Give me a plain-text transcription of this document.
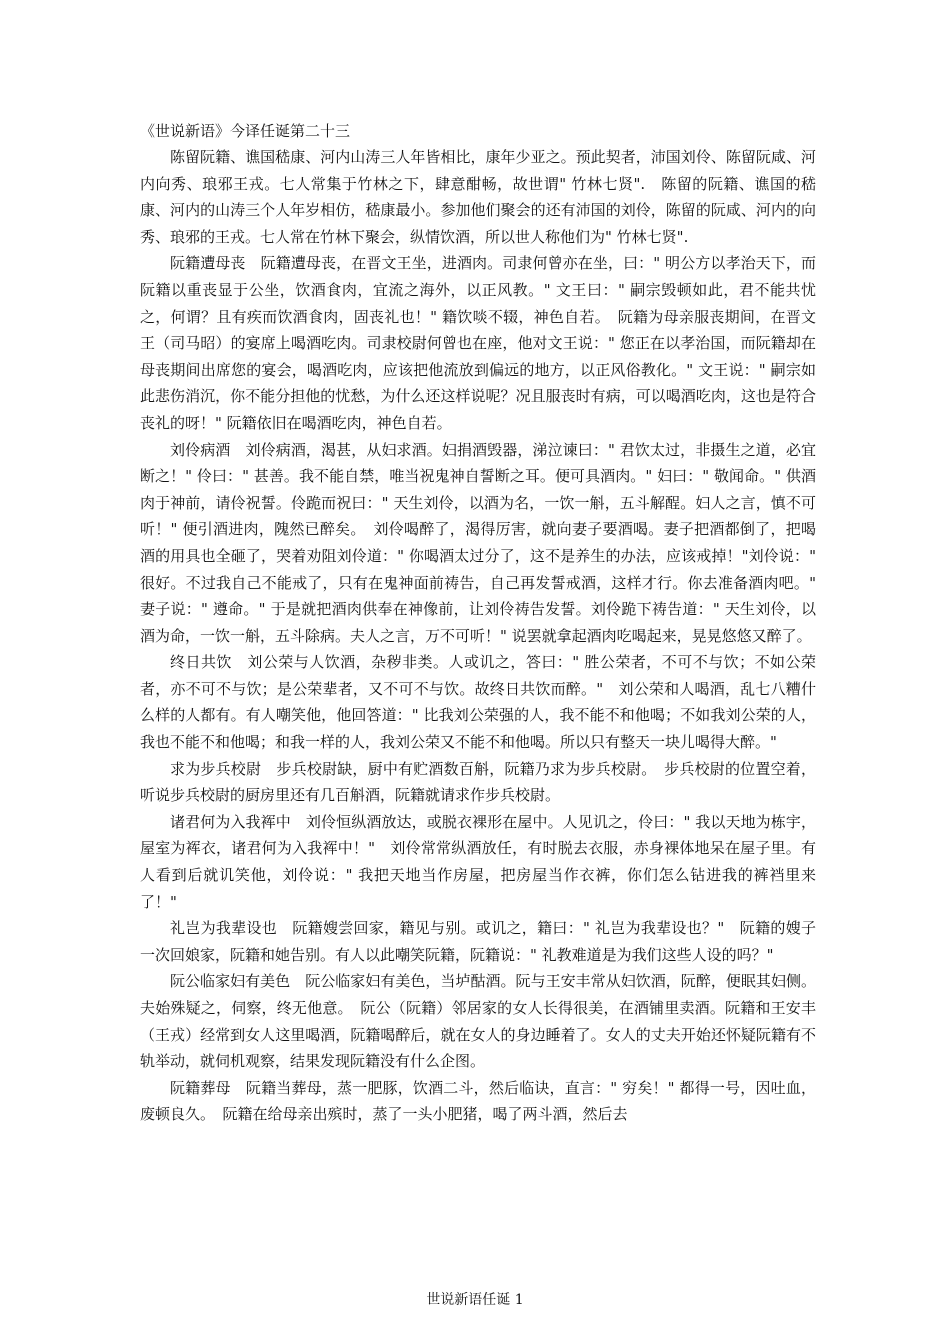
《世说新语》今译任诞第二十三

陈留阮籍、谯国嵇康、河内山涛三人年皆相比，康年少亚之。预此契者，沛国刘伶、陈留阮咸、河内向秀、琅邪王戎。七人常集于竹林之下，肆意酣畅，故世谓" 竹林七贤".　陈留的阮籍、谯国的嵇康、河内的山涛三个人年岁相仿，嵇康最小。参加他们聚会的还有沛国的刘伶，陈留的阮咸、河内的向秀、琅邪的王戎。七人常在竹林下聚会，纵情饮酒，所以世人称他们为" 竹林七贤".

阮籍遭母丧　阮籍遭母丧，在晋文王坐，进酒肉。司隶何曾亦在坐，曰：" 明公方以孝治天下，而阮籍以重丧显于公坐，饮酒食肉，宜流之海外，以正风教。" 文王曰：" 嗣宗毁顿如此，君不能共忧之，何谓？且有疾而饮酒食肉，固丧礼也！" 籍饮啖不辍，神色自若。　阮籍为母亲服丧期间，在晋文王（司马昭）的宴席上喝酒吃肉。司隶校尉何曾也在座，他对文王说：" 您正在以孝治国，而阮籍却在母丧期间出席您的宴会，喝酒吃肉，应该把他流放到偏远的地方，以正风俗教化。" 文王说：" 嗣宗如此悲伤消沉，你不能分担他的忧愁，为什么还这样说呢？况且服丧时有病，可以喝酒吃肉，这也是符合丧礼的呀！" 阮籍依旧在喝酒吃肉，神色自若。

刘伶病酒　刘伶病酒，渴甚，从妇求酒。妇捐酒毁器，涕泣谏曰：" 君饮太过，非摄生之道，必宜断之！" 伶曰：" 甚善。我不能自禁，唯当祝鬼神自誓断之耳。便可具酒肉。" 妇曰：" 敬闻命。" 供酒肉于神前，请伶祝誓。伶跪而祝曰：" 天生刘伶，以酒为名，一饮一斛，五斗解酲。妇人之言，慎不可听！" 便引酒进肉，隗然已醉矣。　刘伶喝醉了，渴得厉害，就向妻子要酒喝。妻子把酒都倒了，把喝酒的用具也全砸了，哭着劝阻刘伶道：" 你喝酒太过分了，这不是养生的办法，应该戒掉！"刘伶说：" 很好。不过我自己不能戒了，只有在鬼神面前祷告，自己再发誓戒酒，这样才行。你去准备酒肉吧。" 妻子说：" 遵命。" 于是就把酒肉供奉在神像前，让刘伶祷告发誓。刘伶跪下祷告道：" 天生刘伶，以酒为命，一饮一斛，五斗除病。夫人之言，万不可听！" 说罢就拿起酒肉吃喝起来，晃晃悠悠又醉了。

终日共饮　刘公荣与人饮酒，杂秽非类。人或讥之，答曰：" 胜公荣者，不可不与饮；不如公荣者，亦不可不与饮；是公荣辈者，又不可不与饮。故终日共饮而醉。"　刘公荣和人喝酒，乱七八糟什么样的人都有。有人嘲笑他，他回答道：" 比我刘公荣强的人，我不能不和他喝；不如我刘公荣的人，我也不能不和他喝；和我一样的人，我刘公荣又不能不和他喝。所以只有整天一块儿喝得大醉。"

求为步兵校尉　步兵校尉缺，厨中有贮酒数百斛，阮籍乃求为步兵校尉。　步兵校尉的位置空着，听说步兵校尉的厨房里还有几百斛酒，阮籍就请求作步兵校尉。

诸君何为入我裈中　刘伶恒纵酒放达，或脱衣裸形在屋中。人见讥之，伶曰：" 我以天地为栋宇，屋室为裈衣，诸君何为入我裈中！"　刘伶常常纵酒放任，有时脱去衣服，赤身裸体地呆在屋子里。有人看到后就讥笑他，刘伶说：" 我把天地当作房屋，把房屋当作衣裤，你们怎么钻进我的裤裆里来了！"

礼岂为我辈设也　阮籍嫂尝回家，籍见与别。或讥之，籍曰：" 礼岂为我辈设也？"　阮籍的嫂子一次回娘家，阮籍和她告别。有人以此嘲笑阮籍，阮籍说：" 礼教难道是为我们这些人设的吗？"

阮公临家妇有美色　阮公临家妇有美色，当垆酤酒。阮与王安丰常从妇饮酒，阮醉，便眠其妇侧。夫始殊疑之，伺察，终无他意。　阮公（阮籍）邻居家的女人长得很美，在酒铺里卖酒。阮籍和王安丰（王戎）经常到女人这里喝酒，阮籍喝醉后，就在女人的身边睡着了。女人的丈夫开始还怀疑阮籍有不轨举动，就伺机观察，结果发现阮籍没有什么企图。

阮籍葬母　阮籍当葬母，蒸一肥豚，饮酒二斗，然后临诀，直言：" 穷矣！" 都得一号，因吐血，废顿良久。　阮籍在给母亲出殡时，蒸了一头小肥猪，喝了两斗酒，然后去

世说新语任诞 1
